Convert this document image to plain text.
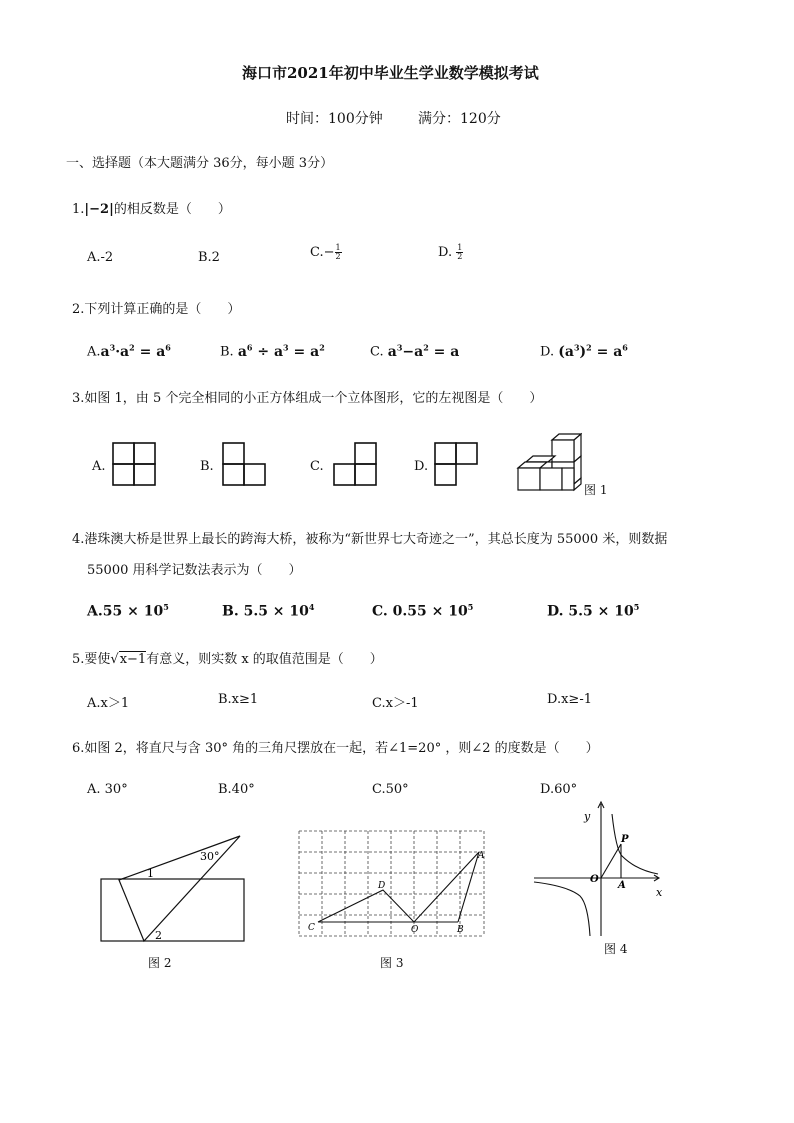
海口市2021年初中毕业生学业数学模拟考试
时间：100分钟	满分：120分
一、选择题（本大题满分 36分，每小题 3分）
1.|−2|的相反数是（　　）
A.-2	B.2	$C.- \frac{1}{2}$	D. $\frac{1}{2}$
2.下列计算正确的是（　　）
$A.a^3\cdot a^2 = a^6$	B. $a^6 \div a^3 = a^2$	C. $a^3-a^2 = a$	D. $(a^3)^2 = a^6$
3.如图 1，由 5 个完全相同的小正方体组成一个立体图形，它的左视图是（　　）
A.	B.	C.	D.
图 1
4.港珠澳大桥是世界上最长的跨海大桥，被称为“新世界七大奇迹之一”，其总长度为 55000 米，则数据
55000 用科学记数法表示为（　　）
$A.55 \times 10^5$	B. $5.5 \times 10^4$	C. $0.55 \times 10^5$	D. $5.5 \times 10^5$
5.要使√x−1有意义，则实数 x 的取值范围是（　　）
A.x＞1	B.x≥1	C.x＞-1	D.x≥-1
6.如图 2，将直尺与含 30° 角的三角尺摆放在一起，若∠1=20° ，则∠2 的度数是（　　）
A. 30°	B.40°	C.50°	D.60°
30°
1
2
图 2
C
D
O
A
B
图 3
y
x
O
A
P
图 4
